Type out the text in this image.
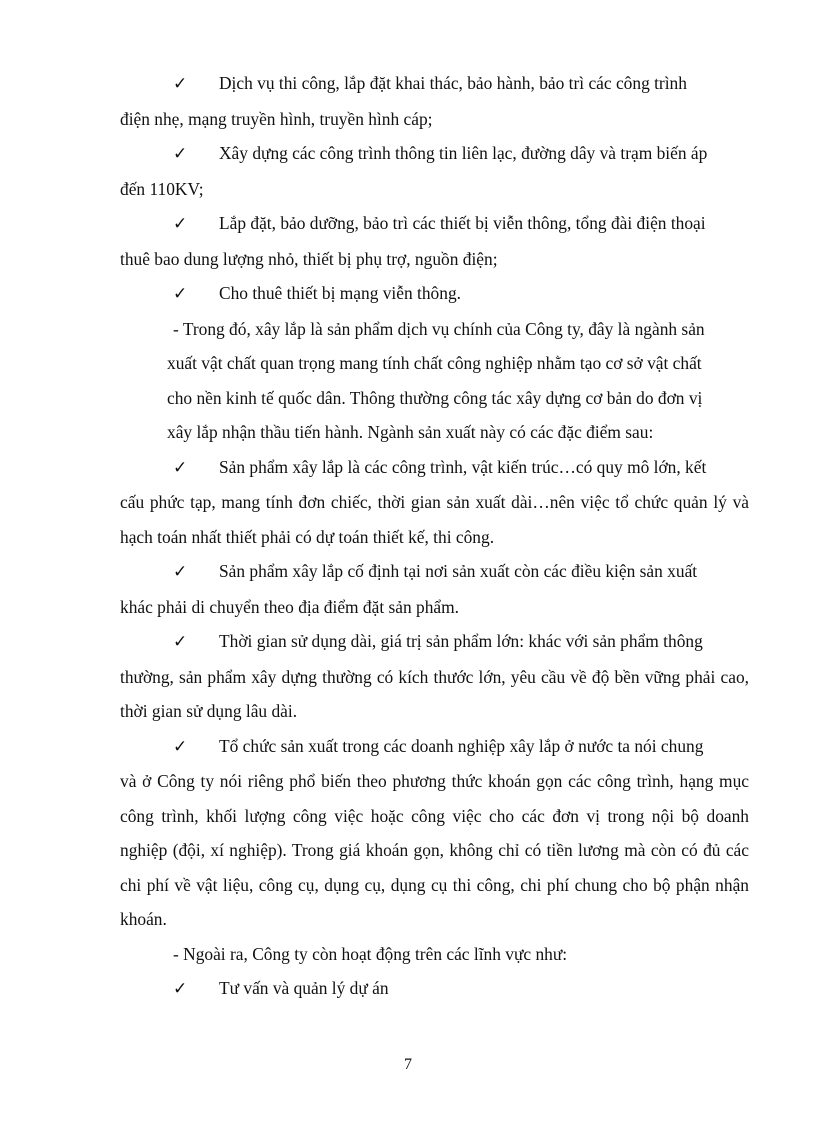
✓ Dịch vụ thi công, lắp đặt khai thác, bảo hành, bảo trì các công trình

điện nhẹ, mạng truyền hình, truyền hình cáp;

✓ Xây dựng các công trình thông tin liên lạc, đường dây và trạm biến áp

đến 110KV;

✓ Lắp đặt, bảo dưỡng, bảo trì các thiết bị viễn thông, tổng đài điện thoại

thuê bao dung lượng nhỏ, thiết bị phụ trợ, nguồn điện;

✓ Cho thuê thiết bị mạng viễn thông.

- Trong đó, xây lắp là sản phẩm dịch vụ chính của Công ty, đây là ngành sản

xuất vật chất quan trọng mang tính chất công nghiệp nhằm tạo cơ sở vật chất

cho nền kinh tế quốc dân. Thông thường công tác xây dựng cơ bản do đơn vị

xây lắp nhận thầu tiến hành. Ngành sản xuất này có các đặc điểm sau:

✓ Sản phẩm xây lắp là các công trình, vật kiến trúc…có quy mô lớn, kết

cấu phức tạp, mang tính đơn chiếc, thời gian sản xuất dài…nên việc tổ chức quản lý và hạch toán nhất thiết phải có dự toán thiết kế, thi công.

✓ Sản phẩm xây lắp cố định tại nơi sản xuất còn các điều kiện sản xuất

khác phải di chuyển theo địa điểm đặt sản phẩm.

✓ Thời gian sử dụng dài, giá trị sản phẩm lớn: khác với sản phẩm thông

thường, sản phẩm xây dựng thường có kích thước lớn, yêu cầu về độ bền vững phải cao, thời gian sử dụng lâu dài.

✓ Tổ chức sản xuất trong các doanh nghiệp xây lắp ở nước ta nói chung

và ở Công ty nói riêng phổ biến theo phương thức khoán gọn các công trình, hạng mục công trình, khối lượng công việc hoặc công việc cho các đơn vị trong nội bộ doanh nghiệp (đội, xí nghiệp). Trong giá khoán gọn, không chỉ có tiền lương mà còn có đủ các chi phí về vật liệu, công cụ, dụng cụ, dụng cụ thi công, chi phí chung cho bộ phận nhận khoán.

- Ngoài ra, Công ty còn hoạt động trên các lĩnh vực như:

✓ Tư vấn và quản lý dự án

7
